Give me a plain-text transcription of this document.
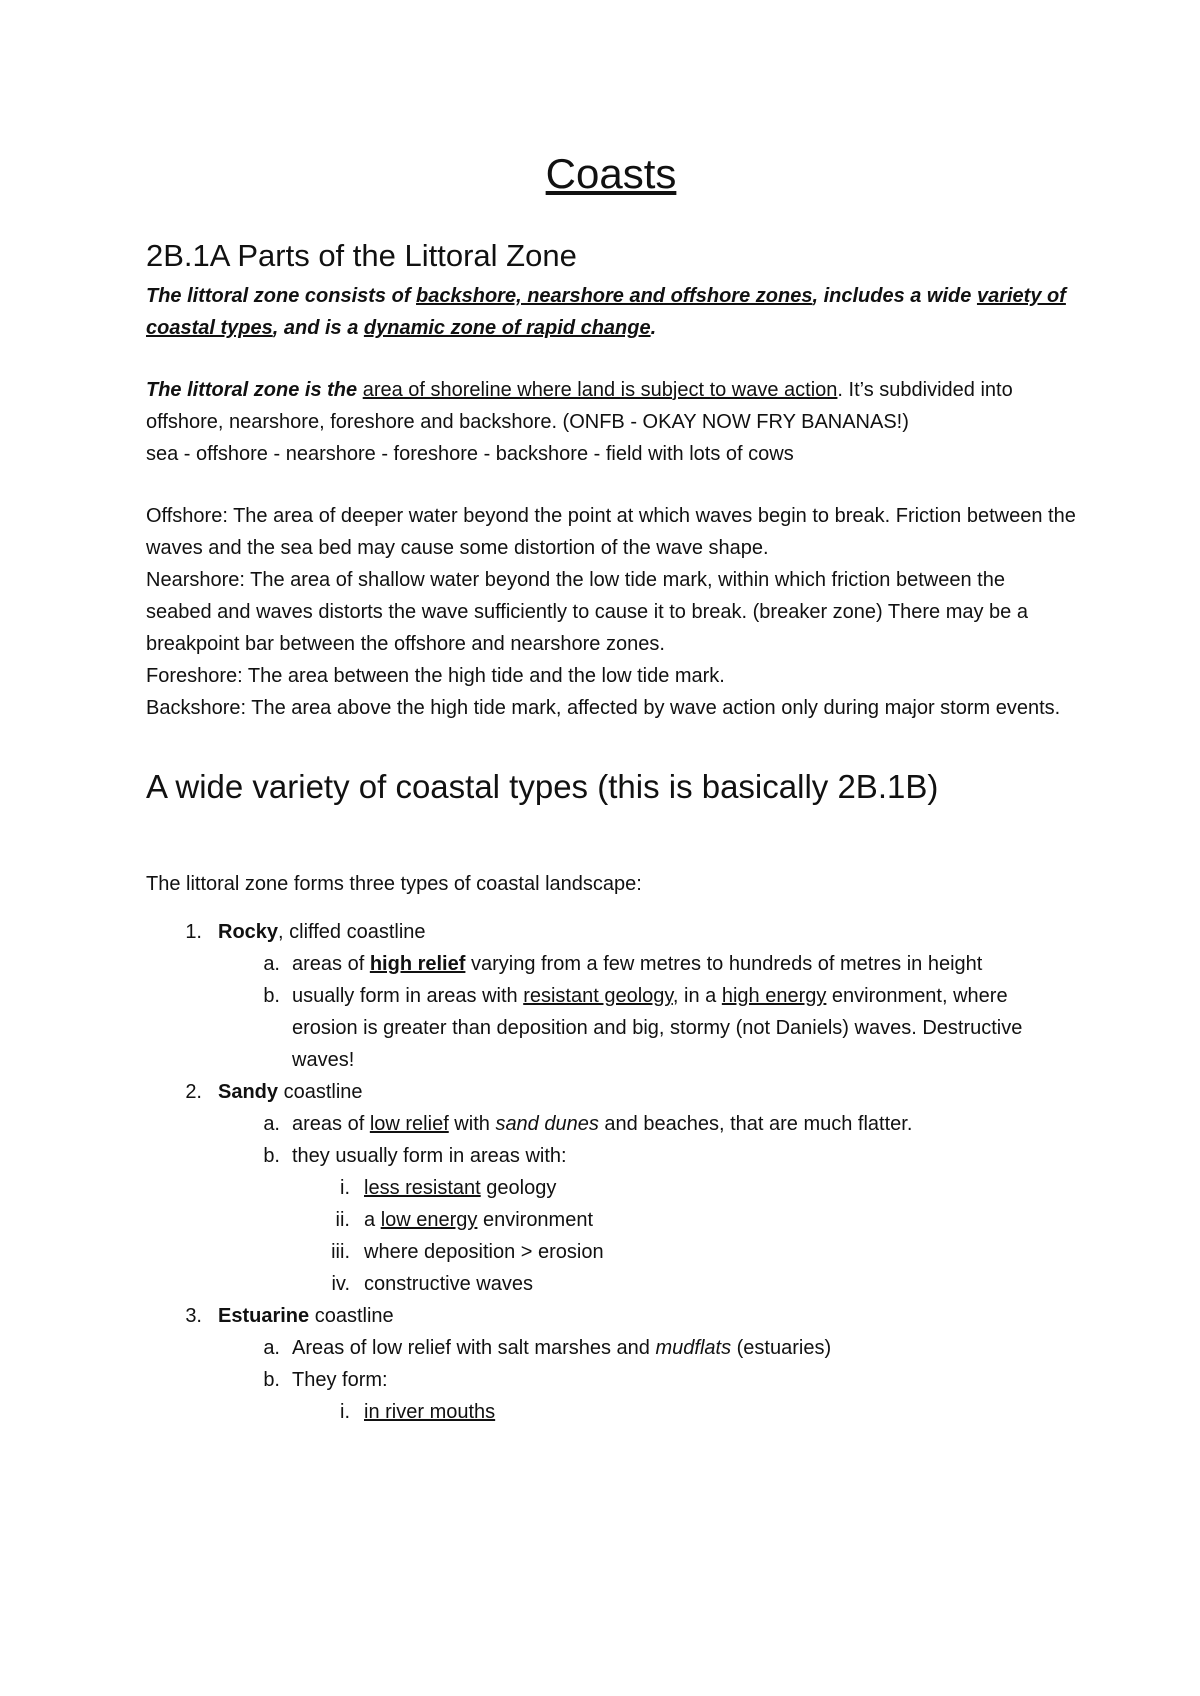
Coasts
2B.1A Parts of the Littoral Zone

The littoral zone consists of backshore, nearshore and offshore zones, includes a wide variety of coastal types, and is a dynamic zone of rapid change.

The littoral zone is the area of shoreline where land is subject to wave action. It’s subdivided into offshore, nearshore, foreshore and backshore. (ONFB - OKAY NOW FRY BANANAS!)

sea - offshore - nearshore - foreshore - backshore - field with lots of cows

Offshore: The area of deeper water beyond the point at which waves begin to break. Friction between the waves and the sea bed may cause some distortion of the wave shape.

Nearshore: The area of shallow water beyond the low tide mark, within which friction between the seabed and waves distorts the wave sufficiently to cause it to break. (breaker zone) There may be a breakpoint bar between the offshore and nearshore zones.

Foreshore: The area between the high tide and the low tide mark.

Backshore: The area above the high tide mark, affected by wave action only during major storm events.

A wide variety of coastal types (this is basically 2B.1B)

The littoral zone forms three types of coastal landscape:

1. Rocky, cliffed coastline
a. areas of high relief varying from a few metres to hundreds of metres in height
b. usually form in areas with resistant geology, in a high energy environment, where erosion is greater than deposition and big, stormy (not Daniels) waves. Destructive waves!
2. Sandy coastline
a. areas of low relief with sand dunes and beaches, that are much flatter.
b. they usually form in areas with:
i. less resistant geology
ii. a low energy environment
iii. where deposition > erosion
iv. constructive waves
3. Estuarine coastline
a. Areas of low relief with salt marshes and mudflats (estuaries)
b. They form:
i. in river mouths
